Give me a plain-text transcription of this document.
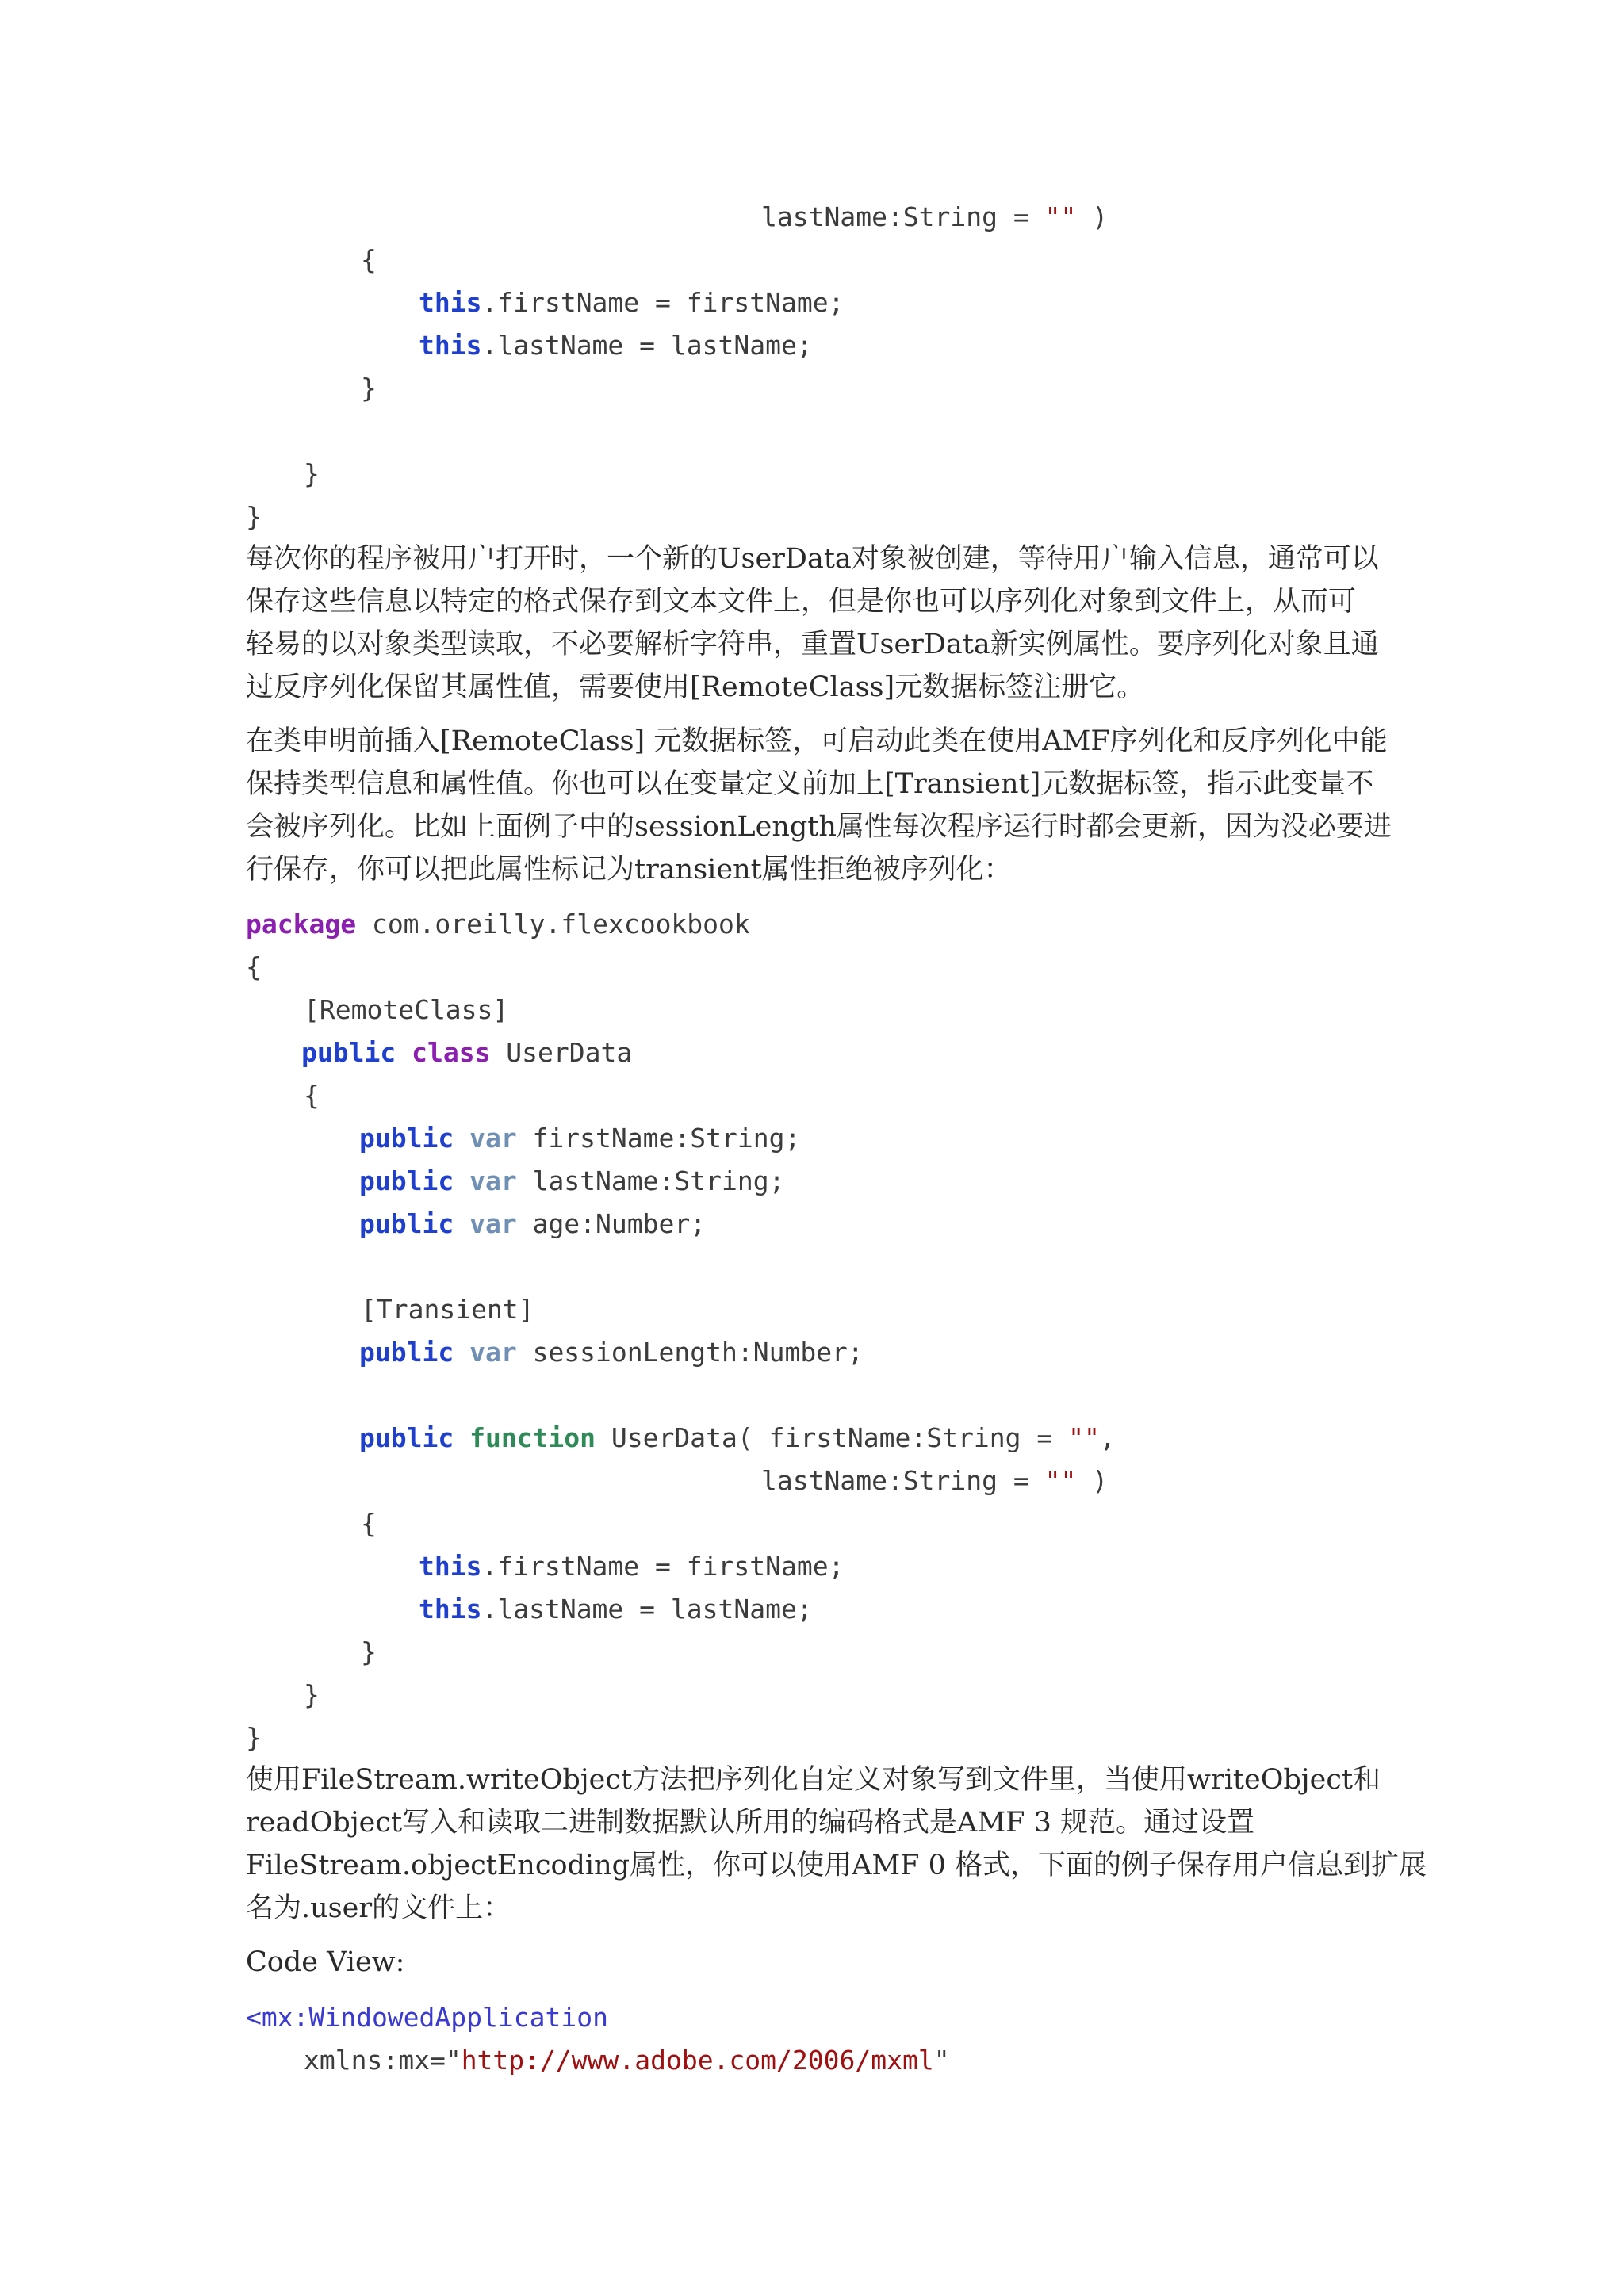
lastName:String = "" )
{
this.firstName = firstName;
this.lastName = lastName;
}
}
}
每次你的程序被用户打开时，一个新的UserData对象被创建，等待用户输入信息，通常可以
保存这些信息以特定的格式保存到文本文件上，但是你也可以序列化对象到文件上，从而可
轻易的以对象类型读取，不必要解析字符串，重置UserData新实例属性。要序列化对象且通
过反序列化保留其属性值，需要使用[RemoteClass]元数据标签注册它。
在类申明前插入[RemoteClass] 元数据标签，可启动此类在使用AMF序列化和反序列化中能
保持类型信息和属性值。你也可以在变量定义前加上[Transient]元数据标签，指示此变量不
会被序列化。比如上面例子中的sessionLength属性每次程序运行时都会更新，因为没必要进
行保存，你可以把此属性标记为transient属性拒绝被序列化：
package com.oreilly.flexcookbook
{
[RemoteClass]
public class UserData
{
public var firstName:String;
public var lastName:String;
public var age:Number;
[Transient]
public var sessionLength:Number;
public function UserData( firstName:String = "",
lastName:String = "" )
{
this.firstName = firstName;
this.lastName = lastName;
}
}
}
使用FileStream.writeObject方法把序列化自定义对象写到文件里，当使用writeObject和
readObject写入和读取二进制数据默认所用的编码格式是AMF 3 规范。通过设置
FileStream.objectEncoding属性，你可以使用AMF 0 格式，下面的例子保存用户信息到扩展
名为.user的文件上：
Code View:
<mx:WindowedApplication
xmlns:mx="http://www.adobe.com/2006/mxml"
